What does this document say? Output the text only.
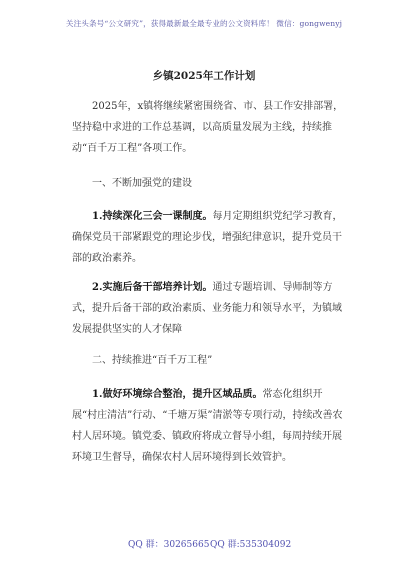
关注头条号“公文研究”，获得最新最全最专业的公文资料库！ 微信：gongwenyj
乡镇2025年工作计划
2025年，x镇将继续紧密围绕省、市、县工作安排部署，坚持稳中求进的工作总基调，以高质量发展为主线，持续推动“百千万工程”各项工作。
一、不断加强党的建设
1.持续深化三会一课制度。每月定期组织党纪学习教育，确保党员干部紧跟党的理论步伐，增强纪律意识，提升党员干部的政治素养。
2.实施后备干部培养计划。通过专题培训、导师制等方式，提升后备干部的政治素质、业务能力和领导水平，为镇域发展提供坚实的人才保障
二、持续推进“百千万工程”
1.做好环境综合整治，提升区域品质。常态化组织开展“村庄清洁”行动、“千塘万渠”清淤等专项行动，持续改善农村人居环境。镇党委、镇政府将成立督导小组，每周持续开展环境卫生督导，确保农村人居环境得到长效管护。
QQ 群：30265665 QQ 群:535304092
